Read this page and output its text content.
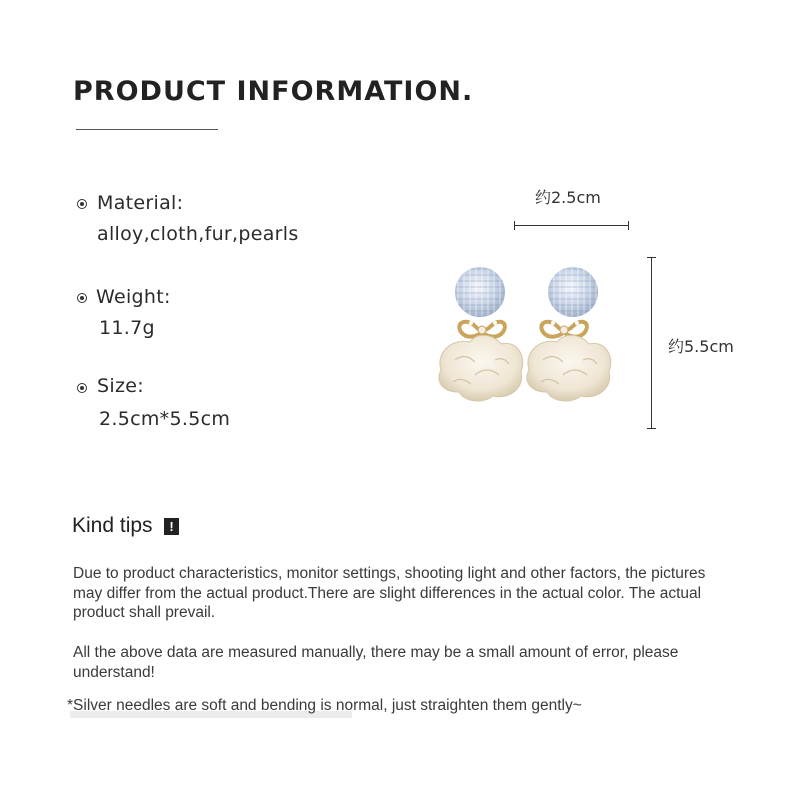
PRODUCT INFORMATION.
Material:
alloy,cloth,fur,pearls
Weight:
11.7g
Size:
2.5cm*5.5cm
约2.5cm
约5.5cm
Kind tips	!

Due to product characteristics, monitor settings, shooting light and other factors, the pictures may differ from the actual product.There are slight differences in the actual color. The actual product shall prevail.

All the above data are measured manually, there may be a small amount of error, please understand!

*Silver needles are soft and bending is normal, just straighten them gently~
